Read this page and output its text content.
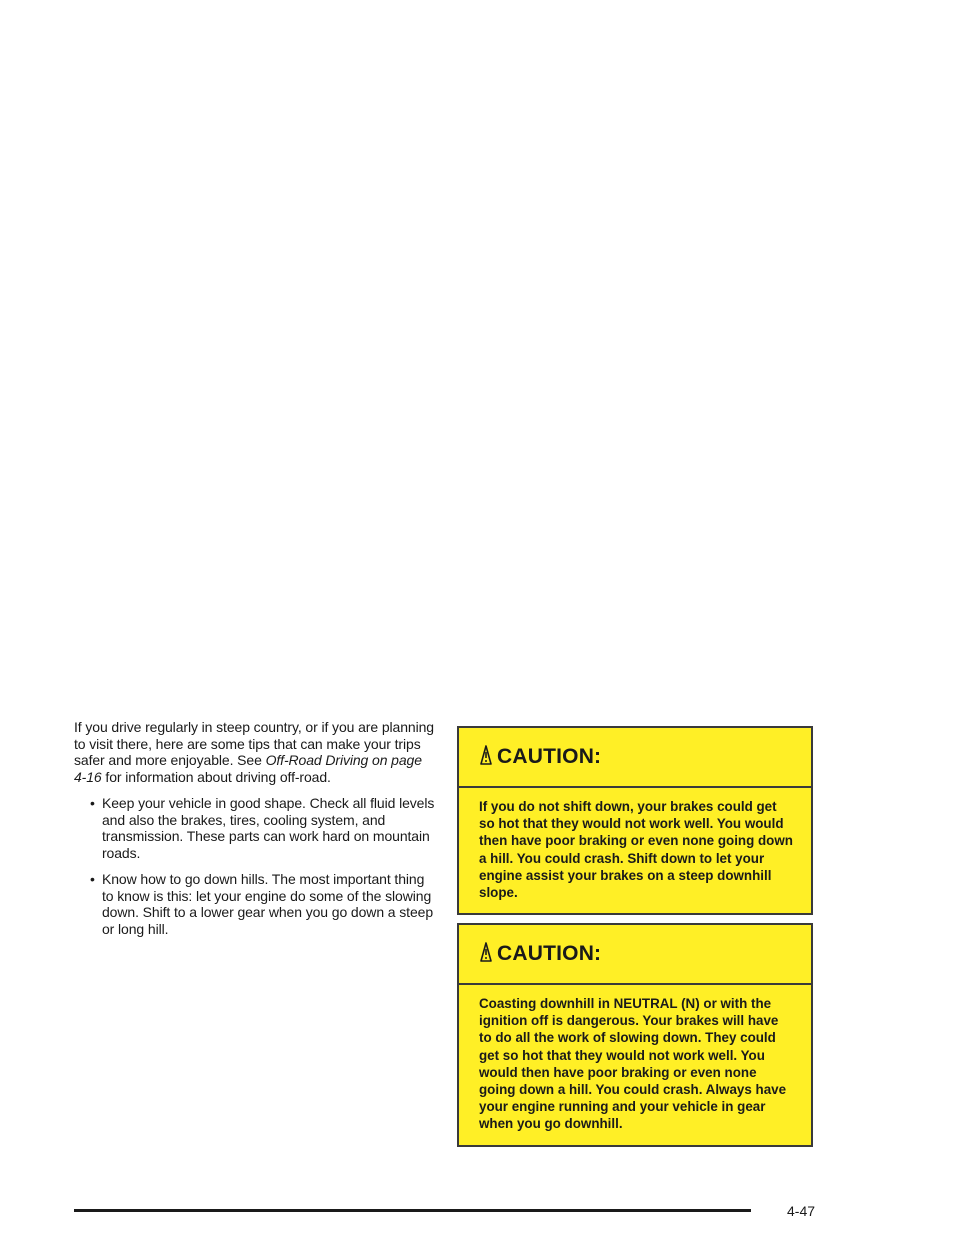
If you drive regularly in steep country, or if you are planning to visit there, here are some tips that can make your trips safer and more enjoyable. See Off-Road Driving on page 4-16 for information about driving off-road.

• Keep your vehicle in good shape. Check all fluid levels and also the brakes, tires, cooling system, and transmission. These parts can work hard on mountain roads.
• Know how to go down hills. The most important thing to know is this: let your engine do some of the slowing down. Shift to a lower gear when you go down a steep or long hill.
CAUTION:
If you do not shift down, your brakes could get so hot that they would not work well. You would then have poor braking or even none going down a hill. You could crash. Shift down to let your engine assist your brakes on a steep downhill slope.
CAUTION:
Coasting downhill in NEUTRAL (N) or with the ignition off is dangerous. Your brakes will have to do all the work of slowing down. They could get so hot that they would not work well. You would then have poor braking or even none going down a hill. You could crash. Always have your engine running and your vehicle in gear when you go downhill.
4-47
